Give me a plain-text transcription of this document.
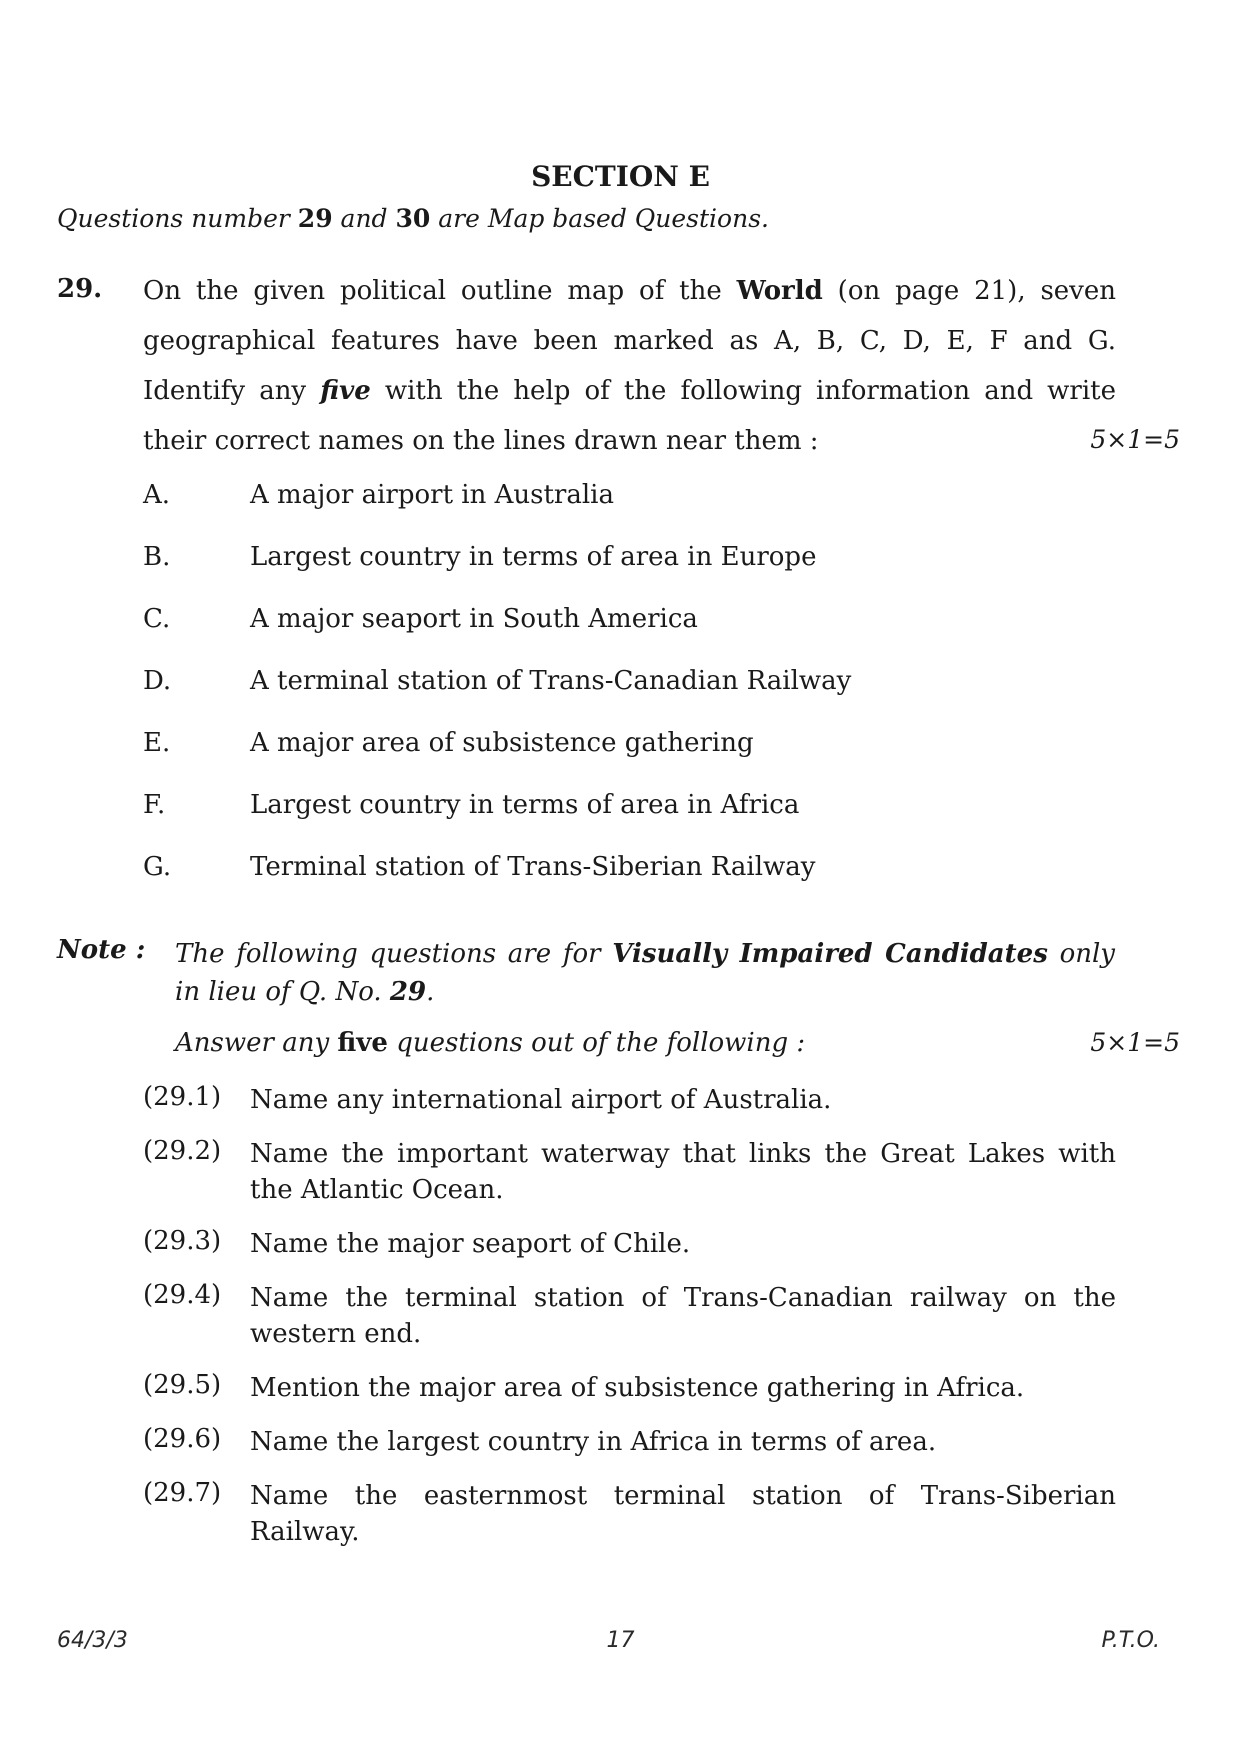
SECTION E
Questions number 29 and 30 are Map based Questions.
29. On the given political outline map of the World (on page 21), seven geographical features have been marked as A, B, C, D, E, F and G. Identify any five with the help of the following information and write their correct names on the lines drawn near them :	5×1=5
A.	A major airport in Australia
B.	Largest country in terms of area in Europe
C.	A major seaport in South America
D.	A terminal station of Trans-Canadian Railway
E.	A major area of subsistence gathering
F.	Largest country in terms of area in Africa
G.	Terminal station of Trans-Siberian Railway
Note : The following questions are for Visually Impaired Candidates only in lieu of Q. No. 29.
Answer any five questions out of the following :	5×1=5
(29.1) Name any international airport of Australia.
(29.2) Name the important waterway that links the Great Lakes with the Atlantic Ocean.
(29.3) Name the major seaport of Chile.
(29.4) Name the terminal station of Trans-Canadian railway on the western end.
(29.5) Mention the major area of subsistence gathering in Africa.
(29.6) Name the largest country in Africa in terms of area.
(29.7) Name the easternmost terminal station of Trans-Siberian Railway.
64/3/3	17	P.T.O.
